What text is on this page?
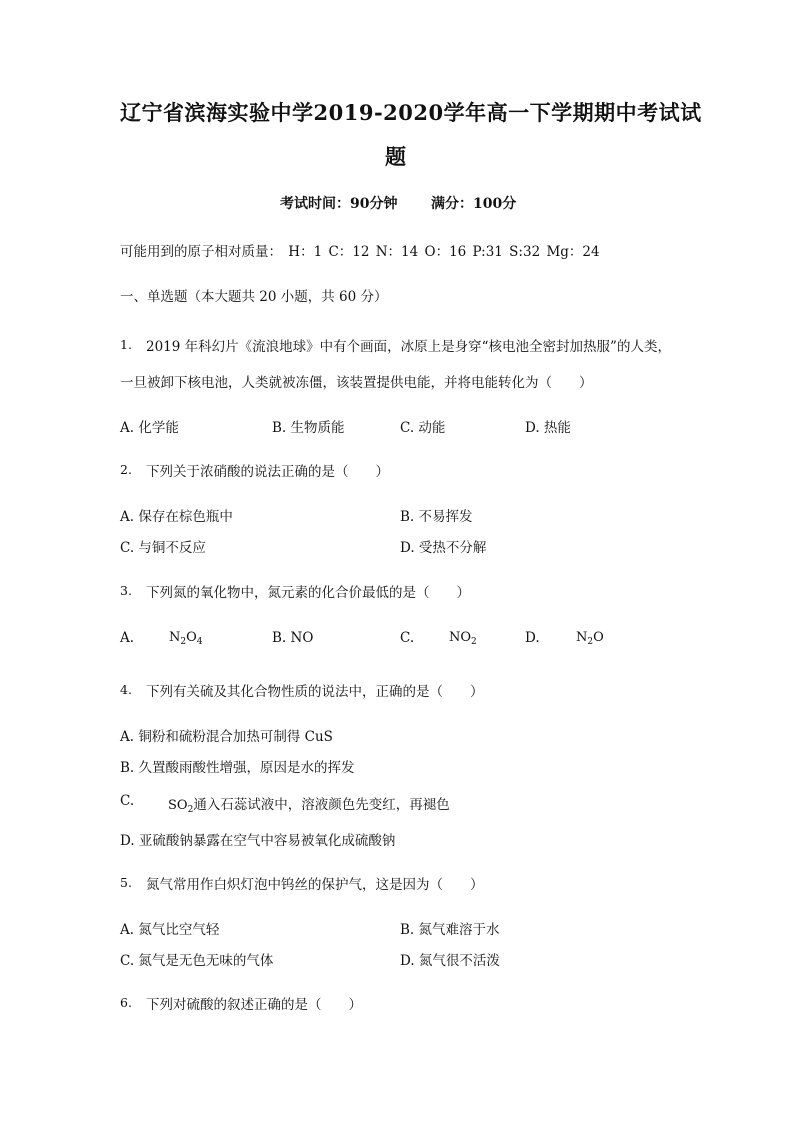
辽宁省滨海实验中学2019-2020学年高一下学期期中考试试
题
考试时间：90分钟 满分：100分
可能用到的原子相对质量： H：1 C：12 N：14 O：16 P:31 S:32 Mg：24
一、单选题（本大题共 20 小题，共 60 分）
1. 2019 年科幻片《流浪地球》中有个画面，冰原上是身穿“核电池全密封加热服”的人类，
一旦被卸下核电池，人类就被冻僵，该装置提供电能，并将电能转化为（　　）
A. 化学能	B. 生物质能	C. 动能	D. 热能
2. 下列关于浓硝酸的说法正确的是（　　）
A. 保存在棕色瓶中	B. 不易挥发
C. 与铜不反应	D. 受热不分解
3. 下列氮的氧化物中，氮元素的化合价最低的是（　　）
A.	$N_2O_4$	B. NO	C.	$NO_2$	D.	$N_2O$
4. 下列有关硫及其化合物性质的说法中，正确的是（　　）
A. 铜粉和硫粉混合加热可制得 CuS
B. 久置酸雨酸性增强，原因是水的挥发
C.	$SO_2$通入石蕊试液中，溶液颜色先变红，再褪色
D. 亚硫酸钠暴露在空气中容易被氧化成硫酸钠
5. 氮气常用作白炽灯泡中钨丝的保护气，这是因为（　　）
A. 氮气比空气轻	B. 氮气难溶于水
C. 氮气是无色无味的气体	D. 氮气很不活泼
6. 下列对硫酸的叙述正确的是（　　）
